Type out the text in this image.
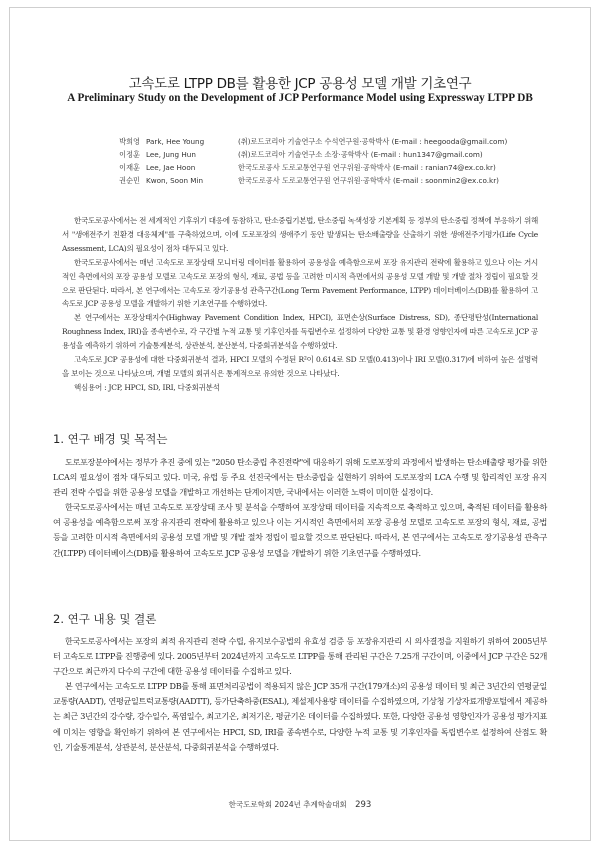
고속도로 LTPP DB를 활용한 JCP 공용성 모델 개발 기초연구
A Preliminary Study on the Development of JCP Performance Model using Expressway LTPP DB
박희영 Park, Hee Young	(취)로드코리아 기술연구소 수석연구원·공학박사 (E-mail : heegooda@gmail.com)
이정훈 Lee, Jung Hun	(취)로드코리아 기술연구소 소장·공학박사 (E-mail : hun1347@gmail.com)
이재훈 Lee, Jae Hoon	한국도로공사 도로교통연구원 연구위원·공학박사 (E-mail : ranian74@ex.co.kr)
권순민 Kwon, Soon Min	한국도로공사 도로교통연구원 연구위원·공학박사 (E-mail : soonmin2@ex.co.kr)

한국도로공사에서는 전 세계적인 기후위기 대응에 동참하고, 탄소중립기본법, 탄소중립 녹색성장 기본계획 등 정부의 탄소중립 정책에 부응하기 위해서 "생애전주기 친환경 대응체계"를 구축하였으며, 이에 도로포장의 생애주기 동안 발생되는 탄소배출량을 산출하기 위한 생애전주기평가(Life Cycle Assessment, LCA)의 필요성이 점차 대두되고 있다.

한국도로공사에서는 매년 고속도로 포장상태 모니터링 데이터를 활용하여 공용성을 예측함으로써 포장 유지관리 전략에 활용하고 있으나 이는 거시적인 측면에서의 포장 공용성 모델로 고속도로 포장의 형식, 재료, 공법 등을 고려한 미시적 측면에서의 공용성 모델 개발 및 개발 절차 정립이 필요할 것으로 판단된다. 따라서, 본 연구에서는 고속도로 장기공용성 관측구간(Long Term Pavement Performance, LTPP) 데이터베이스(DB)를 활용하여 고속도로 JCP 공용성 모델을 개발하기 위한 기초연구를 수행하였다.

본 연구에서는 포장상태지수(Highway Pavement Condition Index, HPCI), 표면손상(Surface Distress, SD), 종단평탄성(International Roughness Index, IRI)을 종속변수로, 각 구간별 누적 교통 및 기후인자를 독립변수로 설정하여 다양한 교통 및 환경 영향인자에 따른 고속도로 JCP 공용성을 예측하기 위하여 기술통계분석, 상관분석, 분산분석, 다중회귀분석을 수행하였다.

고속도로 JCP 공용성에 대한 다중회귀분석 결과, HPCI 모델의 수정된 R²이 0.614로 SD 모델(0.413)이나 IRI 모델(0.317)에 비하여 높은 설명력을 보이는 것으로 나타났으며, 개별 모델의 회귀식은 통계적으로 유의한 것으로 나타났다.

핵심용어 : JCP, HPCI, SD, IRI, 다중회귀분석

1. 연구 배경 및 목적는

도로포장분야에서는 정부가 추진 중에 있는 "2050 탄소중립 추진전략"에 대응하기 위해 도로포장의 과정에서 발생하는 탄소배출량 평가를 위한 LCA의 필요성이 점차 대두되고 있다. 미국, 유럽 등 주요 선진국에서는 탄소중립을 실현하기 위하여 도로포장의 LCA 수행 및 합리적인 포장 유지관리 전략 수립을 위한 공용성 모델을 개발하고 개선하는 단계이지만, 국내에서는 이러한 노력이 미미한 실정이다.

한국도로공사에서는 매년 고속도로 포장상태 조사 및 분석을 수행하여 포장상태 데이터를 지속적으로 축적하고 있으며, 축적된 데이터를 활용하여 공용성을 예측함으로써 포장 유지관리 전략에 활용하고 있으나 이는 거시적인 측면에서의 포장 공용성 모델로 고속도로 포장의 형식, 재료, 공법 등을 고려한 미시적 측면에서의 공용성 모델 개발 및 개발 절차 정립이 필요할 것으로 판단된다. 따라서, 본 연구에서는 고속도로 장기공용성 관측구간(LTPP) 데이터베이스(DB)를 활용하여 고속도로 JCP 공용성 모델을 개발하기 위한 기초연구를 수행하였다.

2. 연구 내용 및 결론

한국도로공사에서는 포장의 최적 유지관리 전략 수립, 유지보수공법의 유효성 검증 등 포장유지관리 시 의사결정을 지원하기 위하여 2005년부터 고속도로 LTPP를 진행중에 있다. 2005년부터 2024년까지 고속도로 LTPP를 통해 관리된 구간은 7.25개 구간이며, 이중에서 JCP 구간은 52개 구간으로 최근까지 다수의 구간에 대한 공용성 데이터를 수집하고 있다.

본 연구에서는 고속도로 LTPP DB를 통해 표면처리공법이 적용되지 않은 JCP 35개 구간(179개소)의 공용성 데이터 및 최근 3년간의 연평균일교통량(AADT), 연평균일트럭교통량(AADTT), 등가단축하중(ESAL), 제설제사용량 데이터를 수집하였으며, 기상청 기상자료개방포털에서 제공하는 최근 3년간의 강수량, 강수일수, 폭염일수, 최고기온, 최저기온, 평균기온 데이터를 수집하였다. 또한, 다양한 공용성 영향인자가 공용성 평가지표에 미치는 영향을 확인하기 위하여 본 연구에서는 HPCI, SD, IRI를 종속변수로, 다양한 누적 교통 및 기후인자를 독립변수로 설정하여 산점도 확인, 기술통계분석, 상관분석, 분산분석, 다중회귀분석을 수행하였다.

한국도로학회 2024년 추계학술대회 293
